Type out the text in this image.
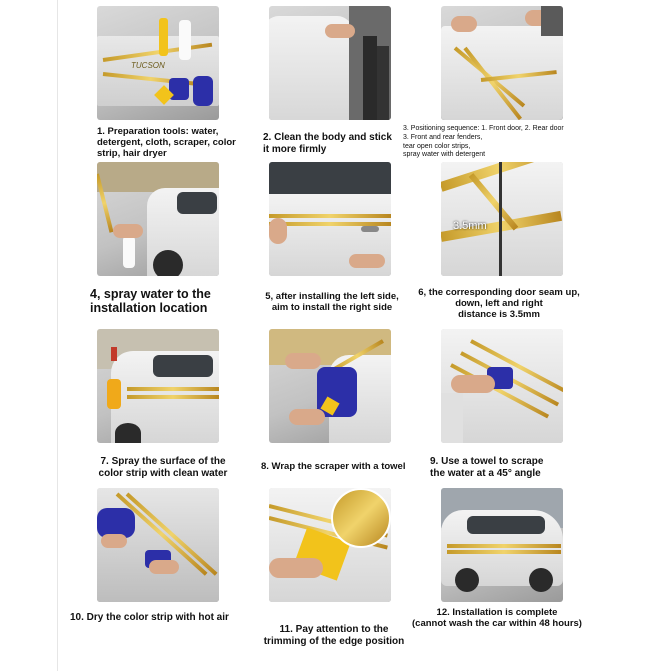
TUCSON

1. Preparation tools: water,
detergent, cloth, scraper, color
strip, hair dryer

2. Clean the body and stick
it more firmly

3. Positioning sequence: 1. Front door, 2. Rear door
3. Front and rear fenders,
tear open color strips,
spray water with detergent

3.5mm

4, spray water to the
installation location

5, after installing the left side,
aim to install the right side

6, the corresponding door seam up,
down, left and right
distance is 3.5mm

7. Spray the surface of the
color strip with clean water

8. Wrap the scraper with a towel 9. Use a towel to scrape
the water at a 45° angle

10. Dry the color strip with hot air

11. Pay attention to the
trimming of the edge position

12. Installation is complete
(cannot wash the car within 48 hours)
